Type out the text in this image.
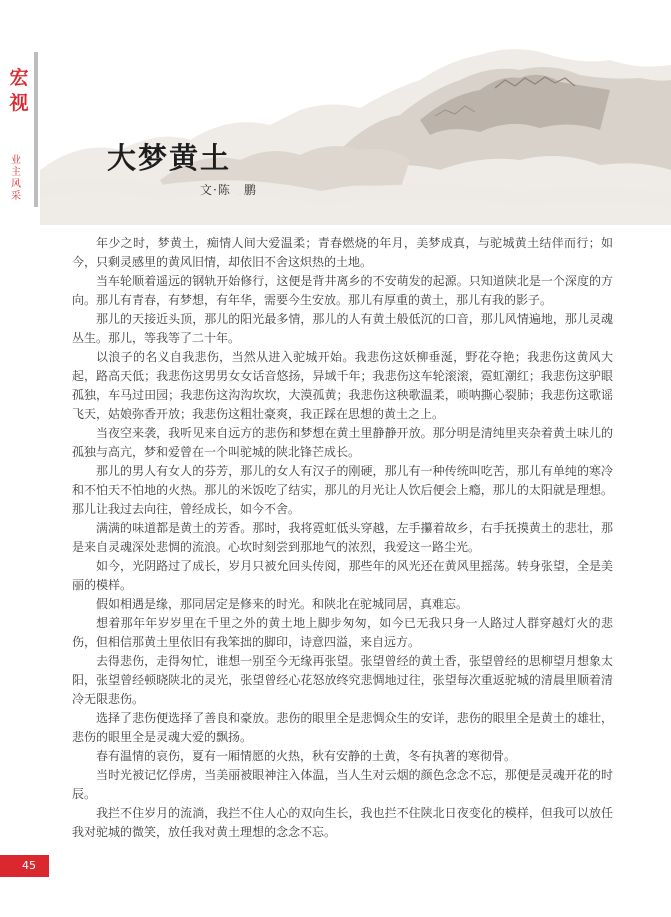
宏
视
业
主
风
采
大梦黄土
文·陈　鹏

年少之时，梦黄土，痴情人间大爱温柔；青春燃烧的年月，美梦成真，与驼城黄土结伴而行；如今，只剩灵感里的黄风旧情，却依旧不舍这炽热的土地。

当车轮顺着遥远的钢轨开始修行，这便是背井离乡的不安萌发的起源。只知道陕北是一个深度的方向。那儿有青春，有梦想，有年华，需要今生安放。那儿有厚重的黄土，那儿有我的影子。

那儿的天接近头顶，那儿的阳光最多情，那儿的人有黄土般低沉的口音，那儿风情遍地，那儿灵魂丛生。那儿，等我等了二十年。

以浪子的名义自我悲伤，当然从进入驼城开始。我悲伤这妖柳垂涎，野花夺艳；我悲伤这黄风大起，路高天低；我悲伤这男男女女话音悠扬，异域千年；我悲伤这车轮滚滚，霓虹潮红；我悲伤这驴眼孤独，车马过田园；我悲伤这沟沟坎坎，大漠孤黄；我悲伤这秧歌温柔，唢呐撕心裂肺；我悲伤这歌谣飞天，姑娘弥香开放；我悲伤这粗壮豪爽，我正踩在思想的黄土之上。

当夜空来袭，我听见来自远方的悲伤和梦想在黄土里静静开放。那分明是清纯里夹杂着黄土味儿的孤独与高亢，梦和爱曾在一个叫驼城的陕北锋芒成长。

那儿的男人有女人的芬芳，那儿的女人有汉子的刚硬，那儿有一种传统叫吃苦，那儿有单纯的寒冷和不怕天不怕地的火热。那儿的米饭吃了结实，那儿的月光让人饮后便会上瘾，那儿的太阳就是理想。那儿让我过去向往，曾经成长，如今不舍。

满满的味道都是黄土的芳香。那时，我将霓虹低头穿越，左手攥着故乡，右手抚摸黄土的悲壮，那是来自灵魂深处悲惆的流浪。心坎时刻尝到那地气的浓烈，我爱这一路尘光。

如今，光阴路过了成长，岁月只被允回头传阅，那些年的风光还在黄风里摇荡。转身张望，全是美丽的模样。

假如相遇是缘，那同居定是修来的时光。和陕北在驼城同居，真难忘。

想着那年年岁岁里在千里之外的黄土地上脚步匆匆，如今已无我只身一人路过人群穿越灯火的悲伤，但相信那黄土里依旧有我笨拙的脚印，诗意四溢，来自远方。

去得悲伤，走得匆忙，谁想一别至今无缘再张望。张望曾经的黄土香，张望曾经的思柳望月想象太阳，张望曾经顿晓陕北的灵光，张望曾经心花怒放终究悲惆地过往，张望每次重返驼城的清晨里顺着清冷无限悲伤。

选择了悲伤便选择了善良和豪放。悲伤的眼里全是悲惆众生的安详，悲伤的眼里全是黄土的雄壮，悲伤的眼里全是灵魂大爱的飘扬。

春有温情的哀伤，夏有一厢情愿的火热，秋有安静的土黄，冬有执著的寒彻骨。

当时光被记忆俘虏，当美丽被眼神注入体温，当人生对云烟的颜色念念不忘，那便是灵魂开花的时辰。

我拦不住岁月的流淌，我拦不住人心的双向生长，我也拦不住陕北日夜变化的模样，但我可以放任我对驼城的微笑，放任我对黄土理想的念念不忘。

45
